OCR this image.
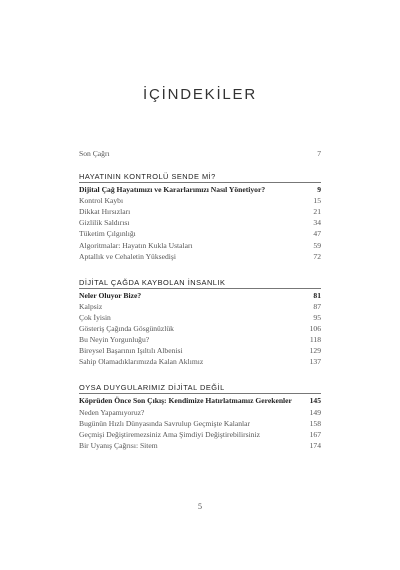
İÇİNDEKİLER
Son Çağrı	7
HAYATININ KONTROLÜ SENDE Mİ?
Dijital Çağ Hayatımızı ve Kararlarımızı Nasıl Yönetiyor?	9
Kontrol Kaybı	15
Dikkat Hırsızları	21
Gizlilik Saldırısı	34
Tüketim Çılgınlığı	47
Algoritmalar: Hayatın Kukla Ustaları	59
Aptallık ve Cehaletin Yüksedişi	72
DİJİTAL ÇAĞDA KAYBOLAN İNSANLIK
Neler Oluyor Bize?	81
Kalpsiz	87
Çok İyisin	95
Gösteriş Çağında Gösgünüzlük	106
Bu Neyin Yorgunluğu?	118
Bireysel Başarının Işıltılı Albenisi	129
Sahip Olamadıklarımızda Kalan Aklımız	137
OYSA DUYGULARIMIZ DİJİTAL DEĞİL
Köprüden Önce Son Çıkış: Kendimize Hatırlatmamız Gerekenler	145
Neden Yapamıyoruz?	149
Bugünün Hızlı Dünyasında Savrulup Geçmişte Kalanlar	158
Geçmişi Değiştiremezsiniz Ama Şimdiyi Değiştirebilirsiniz	167
Bir Uyanış Çağrısı: Sitem	174
5
